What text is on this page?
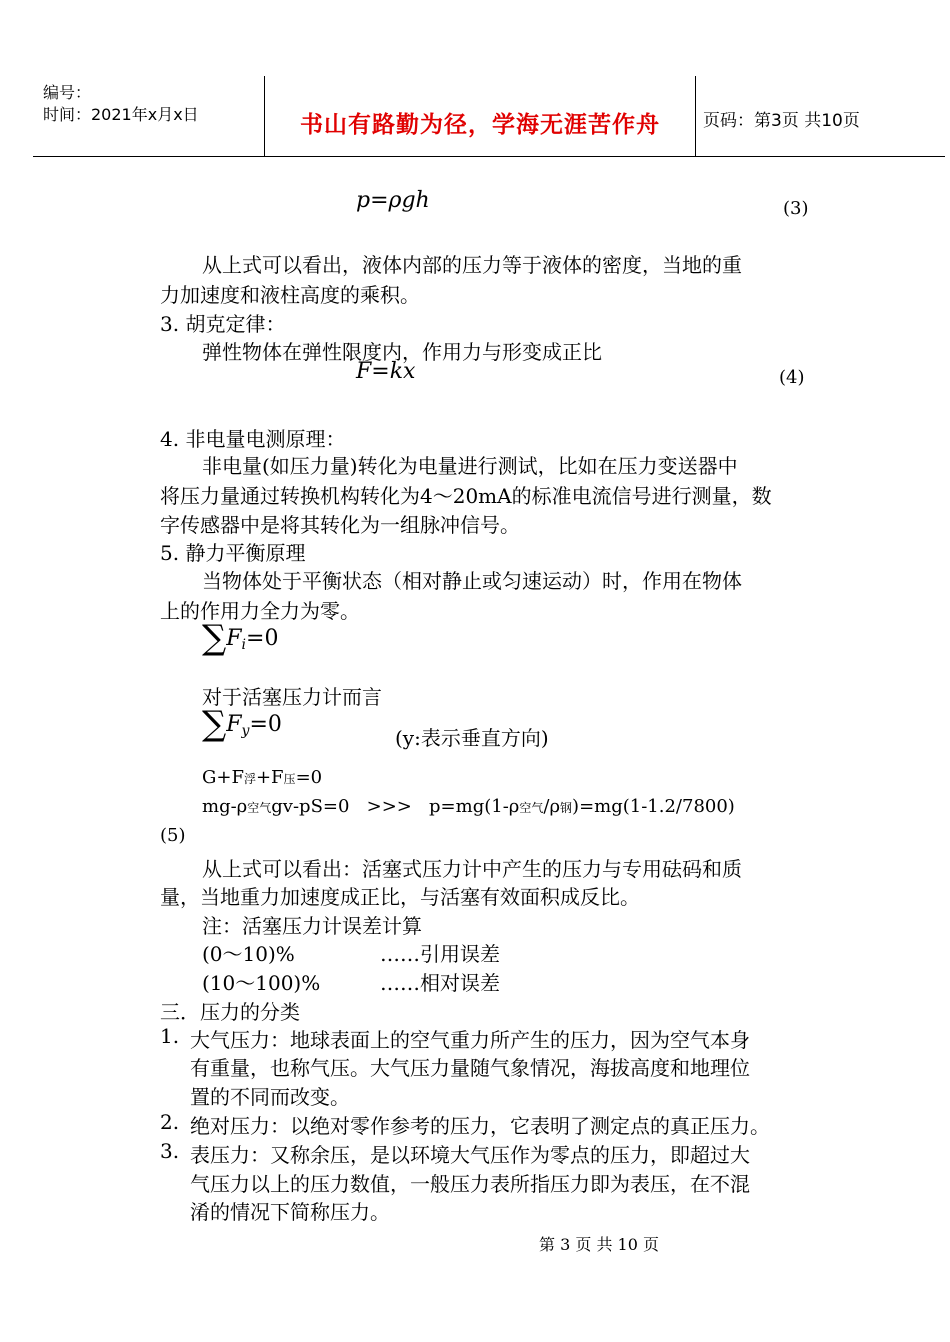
编号：
时间：2021年x月x日	书山有路勤为径，学海无涯苦作舟	页码：第3页 共10页
p=ρgh	(3)
从上式可以看出，液体内部的压力等于液体的密度，当地的重
力加速度和液柱高度的乘积。
3. 胡克定律：
弹性物体在弹性限度内，作用力与形变成正比
F=kx	(4)
4. 非电量电测原理：
非电量(如压力量)转化为电量进行测试，比如在压力变送器中
将压力量通过转换机构转化为4～20mA的标准电流信号进行测量，数
字传感器中是将其转化为一组脉冲信号。
5. 静力平衡原理
当物体处于平衡状态（相对静止或匀速运动）时，作用在物体
上的作用力全力为零。
$\sum F_i=0$
对于活塞压力计而言
$\sum F_y=0$
(y:表示垂直方向)
G+F浮+F压=0
mg-ρ空气gv-pS=0   >>>   p=mg(1-ρ空气/ρ钢)=mg(1-1.2/7800)
(5)
从上式可以看出：活塞式压力计中产生的压力与专用砝码和质
量，当地重力加速度成正比，与活塞有效面积成反比。
注：活塞压力计误差计算
(0～10)%	……引用误差
(10～100)%	……相对误差
三．压力的分类
1. 大气压力：地球表面上的空气重力所产生的压力，因为空气本身
有重量，也称气压。大气压力量随气象情况，海拔高度和地理位
置的不同而改变。
2. 绝对压力：以绝对零作参考的压力，它表明了测定点的真正压力。
3. 表压力：又称余压，是以环境大气压作为零点的压力，即超过大
气压力以上的压力数值，一般压力表所指压力即为表压，在不混
淆的情况下简称压力。
第 3 页 共 10 页
